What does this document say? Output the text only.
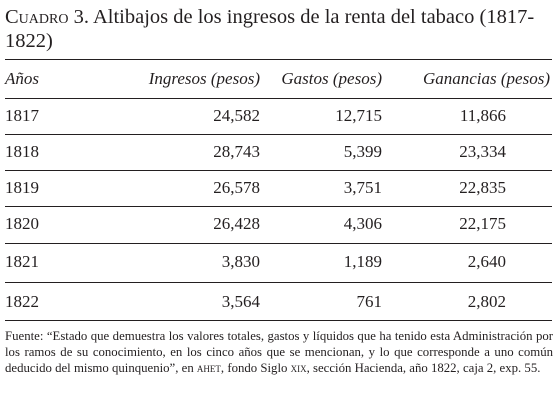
Cuadro 3. Altibajos de los ingresos de la renta del tabaco (1817-1822)
Años	Ingresos (pesos) Gastos (pesos) Ganancias (pesos)
1817	24,582	12,715	11,866
1818	28,743	5,399	23,334
1819	26,578	3,751	22,835
1820	26,428	4,306	22,175
1821	3,830	1,189	2,640
1822	3,564	761	2,802
Fuente: “Estado que demuestra los valores totales, gastos y líquidos que ha tenido esta Administración por los ramos de su conocimiento, en los cinco años que se mencionan, y lo que corresponde a uno común deducido del mismo quinquenio”, en ahet, fondo Siglo xix, sección Hacienda, año 1822, caja 2, exp. 55.
